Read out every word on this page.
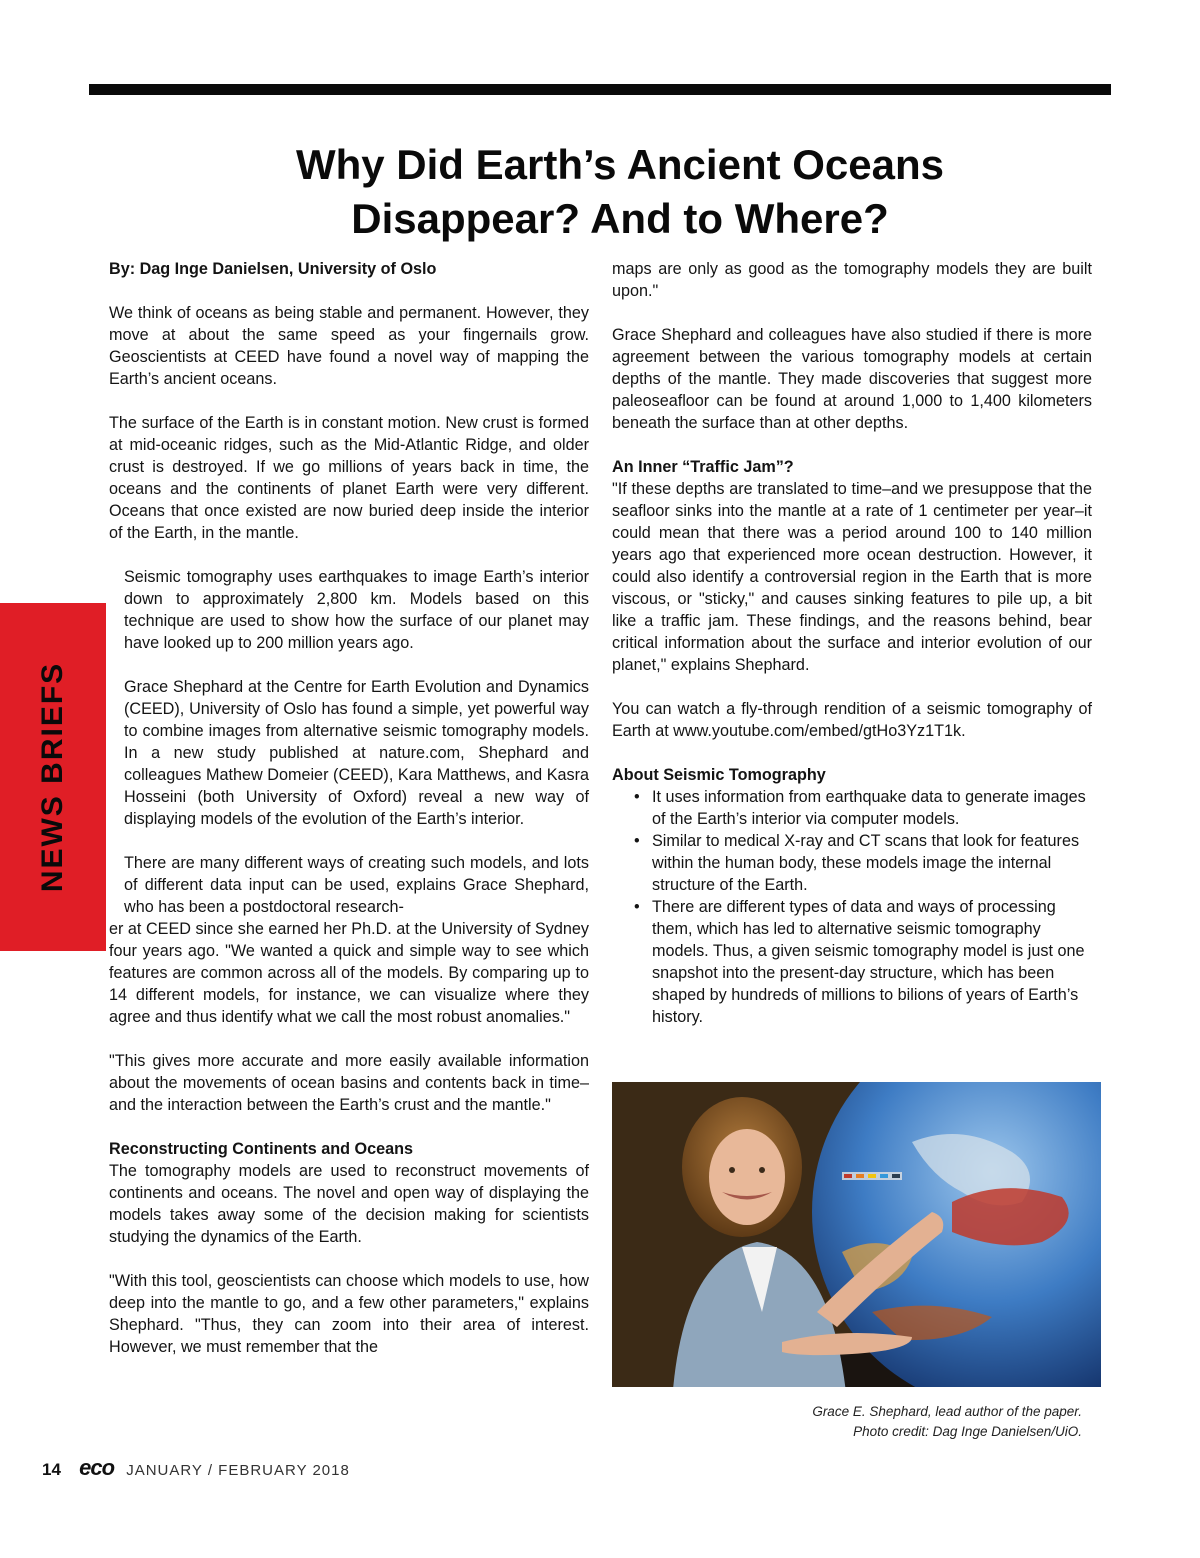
Why Did Earth’s Ancient Oceans
Disappear? And to Where?
NEWS BRIEFS

By: Dag Inge Danielsen, University of Oslo

We think of oceans as being stable and permanent. However, they move at about the same speed as your fingernails grow. Geoscientists at CEED have found a novel way of mapping the Earth’s ancient oceans.

The surface of the Earth is in constant motion. New crust is formed at mid-oceanic ridges, such as the Mid-Atlantic Ridge, and older crust is destroyed. If we go millions of years back in time, the oceans and the continents of planet Earth were very different. Oceans that once existed are now buried deep inside the interior of the Earth, in the mantle.

Seismic tomography uses earthquakes to image Earth’s interior down to approximately 2,800 km. Models based on this technique are used to show how the surface of our planet may have looked up to 200 million years ago.

Grace Shephard at the Centre for Earth Evolution and Dynamics (CEED), University of Oslo has found a simple, yet powerful way to combine images from alternative seismic tomography models. In a new study published at nature.com, Shephard and colleagues Mathew Domeier (CEED), Kara Matthews, and Kasra Hosseini (both University of Oxford) reveal a new way of displaying models of the evolution of the Earth’s interior.

There are many different ways of creating such models, and lots of different data input can be used, explains Grace Shephard, who has been a postdoctoral research-

er at CEED since she earned her Ph.D. at the University of Sydney four years ago. "We wanted a quick and simple way to see which features are common across all of the models. By comparing up to 14 different models, for instance, we can visualize where they agree and thus identify what we call the most robust anomalies."

"This gives more accurate and more easily available information about the movements of ocean basins and contents back in time–and the interaction between the Earth’s crust and the mantle."

Reconstructing Continents and Oceans

The tomography models are used to reconstruct movements of continents and oceans. The novel and open way of displaying the models takes away some of the decision making for scientists studying the dynamics of the Earth.

"With this tool, geoscientists can choose which models to use, how deep into the mantle to go, and a few other parameters," explains Shephard. "Thus, they can zoom into their area of interest. However, we must remember that the

maps are only as good as the tomography models they are built upon."

Grace Shephard and colleagues have also studied if there is more agreement between the various tomography models at certain depths of the mantle. They made discoveries that suggest more paleoseafloor can be found at around 1,000 to 1,400 kilometers beneath the surface than at other depths.

An Inner “Traffic Jam”?

"If these depths are translated to time–and we presuppose that the seafloor sinks into the mantle at a rate of 1 centimeter per year–it could mean that there was a period around 100 to 140 million years ago that experienced more ocean destruction. However, it could also identify a controversial region in the Earth that is more viscous, or "sticky," and causes sinking features to pile up, a bit like a traffic jam. These findings, and the reasons behind, bear critical information about the surface and interior evolution of our planet," explains Shephard.

You can watch a fly-through rendition of a seismic tomography of Earth at www.youtube.com/embed/gtHo3Yz1T1k.

About Seismic Tomography
• It uses information from earthquake data to generate images of the Earth’s interior via computer models.
• Similar to medical X-ray and CT scans that look for features within the human body, these models image the internal structure of the Earth.
• There are different types of data and ways of processing them, which has led to alternative seismic tomography models. Thus, a given seismic tomography model is just one snapshot into the present-day structure, which has been shaped by hundreds of millions to bilions of years of Earth’s history.
Grace E. Shephard, lead author of the paper.
Photo credit: Dag Inge Danielsen/UiO.
14 eco JANUARY / FEBRUARY 2018
